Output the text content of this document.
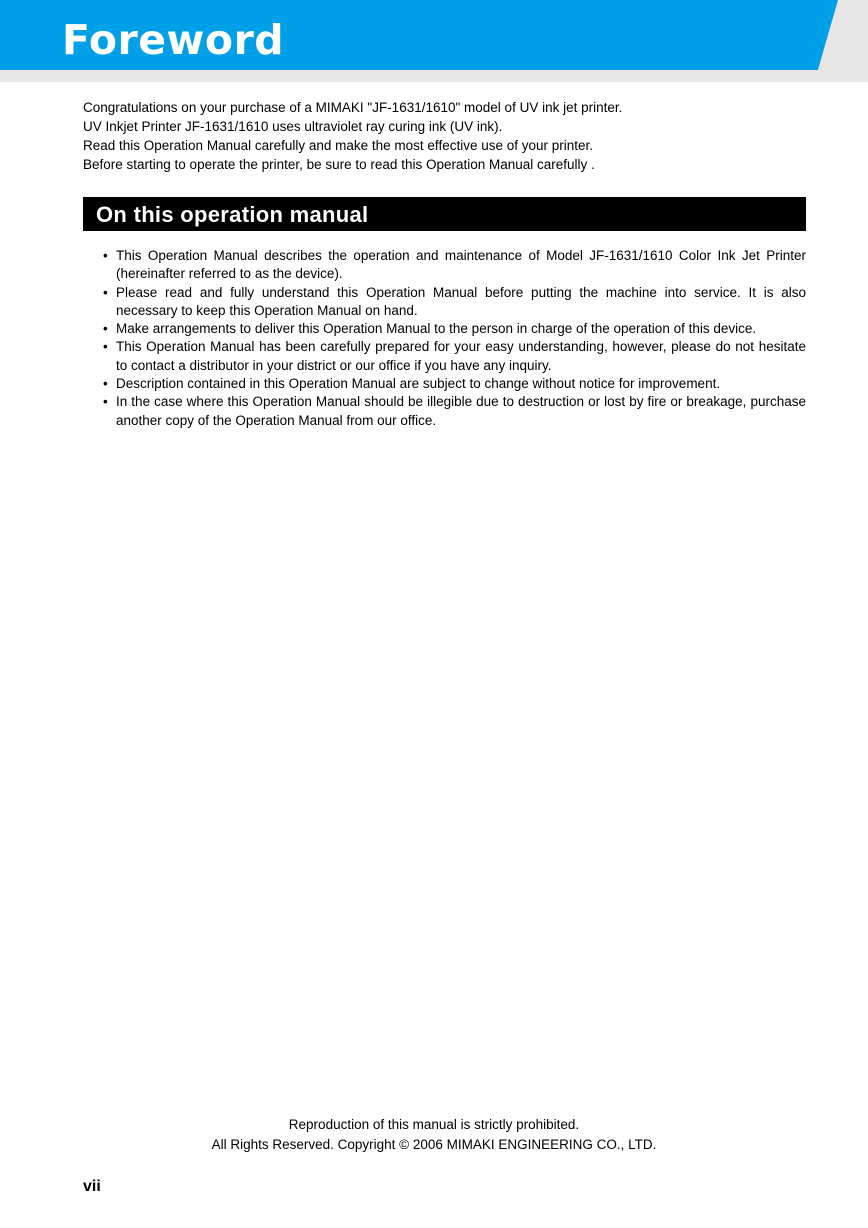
Foreword

Congratulations on your purchase of a MIMAKI "JF-1631/1610" model of UV ink jet printer.

UV Inkjet Printer JF-1631/1610 uses ultraviolet ray curing ink (UV ink).

Read this Operation Manual carefully and make the most effective use of your printer.

Before starting to operate the printer, be sure to read this Operation Manual carefully .

On this operation manual
• This Operation Manual describes the operation and maintenance of Model JF-1631/1610 Color Ink Jet Printer (hereinafter referred to as the device).
• Please read and fully understand this Operation Manual before putting the machine into service. It is also necessary to keep this Operation Manual on hand.
• Make arrangements to deliver this Operation Manual to the person in charge of the operation of this device.
• This Operation Manual has been carefully prepared for your easy understanding, however, please do not hesitate to contact a distributor in your district or our office if you have any inquiry.
• Description contained in this Operation Manual are subject to change without notice for improvement.
• In the case where this Operation Manual should be illegible due to destruction or lost by fire or breakage, purchase another copy of the Operation Manual from our office.

Reproduction of this manual is strictly prohibited.

All Rights Reserved. Copyright © 2006 MIMAKI ENGINEERING CO., LTD.

vii
